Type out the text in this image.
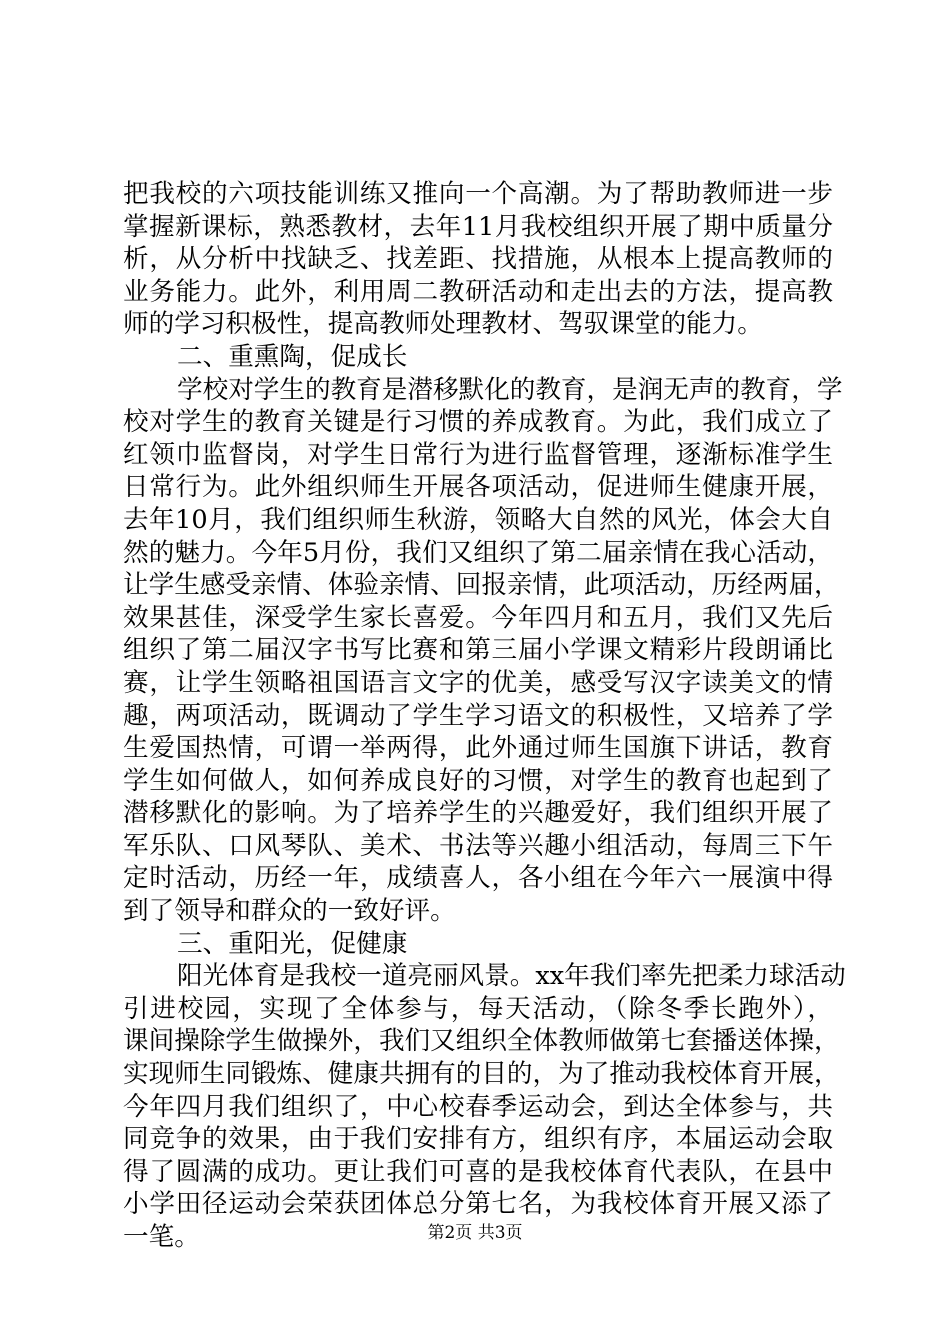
把我校的六项技能训练又推向一个高潮。为了帮助教师进一步
掌握新课标，熟悉教材，去年11月我校组织开展了期中质量分
析，从分析中找缺乏、找差距、找措施，从根本上提高教师的
业务能力。此外，利用周二教研活动和走出去的方法，提高教
师的学习积极性，提高教师处理教材、驾驭课堂的能力。
二、重熏陶，促成长
学校对学生的教育是潜移默化的教育，是润无声的教育，学
校对学生的教育关键是行习惯的养成教育。为此，我们成立了
红领巾监督岗，对学生日常行为进行监督管理，逐渐标准学生
日常行为。此外组织师生开展各项活动，促进师生健康开展，
去年10月，我们组织师生秋游，领略大自然的风光，体会大自
然的魅力。今年5月份，我们又组织了第二届亲情在我心活动，
让学生感受亲情、体验亲情、回报亲情，此项活动，历经两届，
效果甚佳，深受学生家长喜爱。今年四月和五月，我们又先后
组织了第二届汉字书写比赛和第三届小学课文精彩片段朗诵比
赛，让学生领略祖国语言文字的优美，感受写汉字读美文的情
趣，两项活动，既调动了学生学习语文的积极性，又培养了学
生爱国热情，可谓一举两得，此外通过师生国旗下讲话，教育
学生如何做人，如何养成良好的习惯，对学生的教育也起到了
潜移默化的影响。为了培养学生的兴趣爱好，我们组织开展了
军乐队、口风琴队、美术、书法等兴趣小组活动，每周三下午
定时活动，历经一年，成绩喜人，各小组在今年六一展演中得
到了领导和群众的一致好评。
三、重阳光，促健康
阳光体育是我校一道亮丽风景。xx年我们率先把柔力球活动
引进校园，实现了全体参与，每天活动，（除冬季长跑外），
课间操除学生做操外，我们又组织全体教师做第七套播送体操，
实现师生同锻炼、健康共拥有的目的，为了推动我校体育开展，
今年四月我们组织了，中心校春季运动会，到达全体参与，共
同竞争的效果，由于我们安排有方，组织有序，本届运动会取
得了圆满的成功。更让我们可喜的是我校体育代表队，在县中
小学田径运动会荣获团体总分第七名，为我校体育开展又添了
一笔。	第2页 共3页
